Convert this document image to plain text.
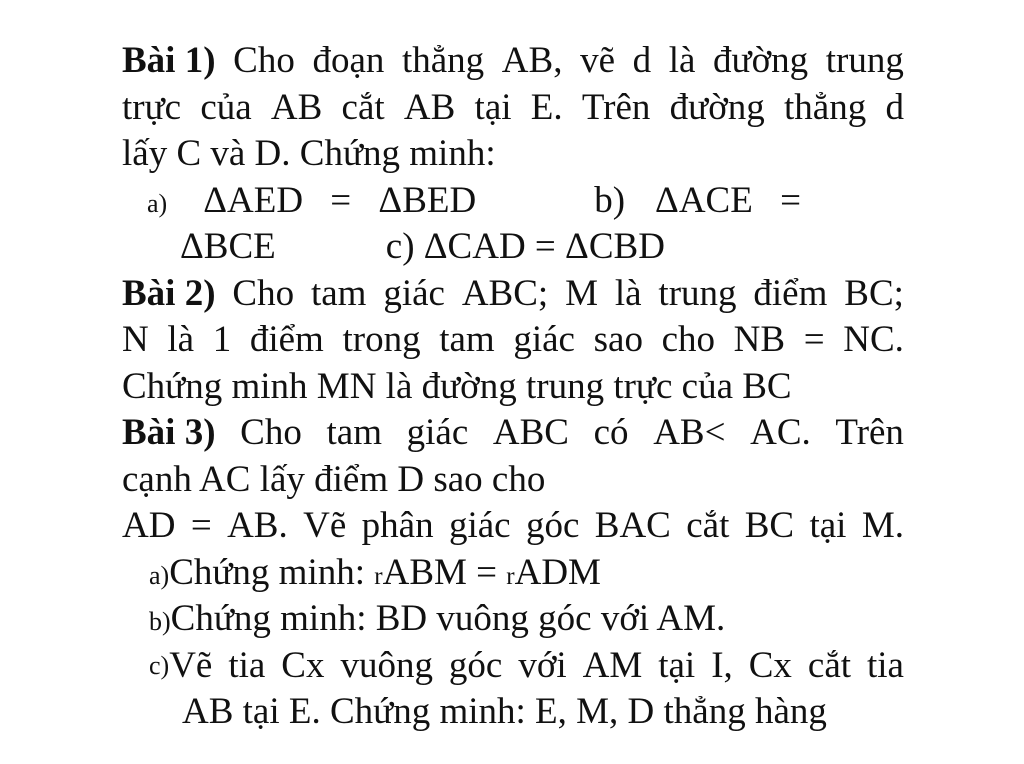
Bài 1) Cho đoạn thẳng AB, vẽ d là đường trung
trực của AB cắt AB tại E. Trên đường thẳng d
lấy C và D. Chứng minh:
a) ΔAED = ΔBED	b) ΔACE =
ΔBCE	c) ΔCAD = ΔCBD
Bài 2) Cho tam giác ABC; M là trung điểm BC;
N là 1 điểm trong tam giác sao cho NB = NC.
Chứng minh MN là đường trung trực của BC
Bài 3) Cho tam giác ABC có AB< AC. Trên
cạnh AC lấy điểm D sao cho
AD = AB. Vẽ phân giác góc BAC cắt BC tại M.
a)Chứng minh: rABM = rADM
b)Chứng minh: BD vuông góc với AM.
c) Vẽ tia Cx vuông góc với AM tại I, Cx cắt tia
AB tại E. Chứng minh: E, M, D thẳng hàng
